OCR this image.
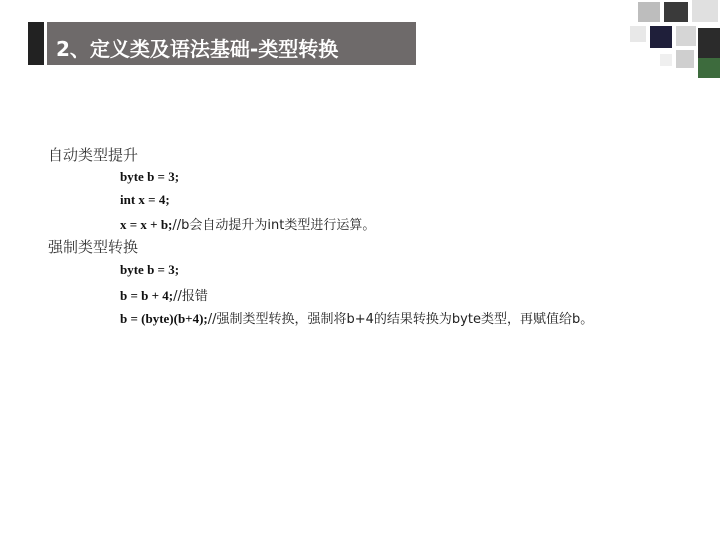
2、定义类及语法基础-类型转换
自动类型提升
byte b = 3;
int x = 4;
x = x + b;//b会自动提升为int类型进行运算。
强制类型转换
byte b = 3;
b = b + 4;//报错
b = (byte)(b+4);//强制类型转换，强制将b+4的结果转换为byte类型，再赋值给b。
